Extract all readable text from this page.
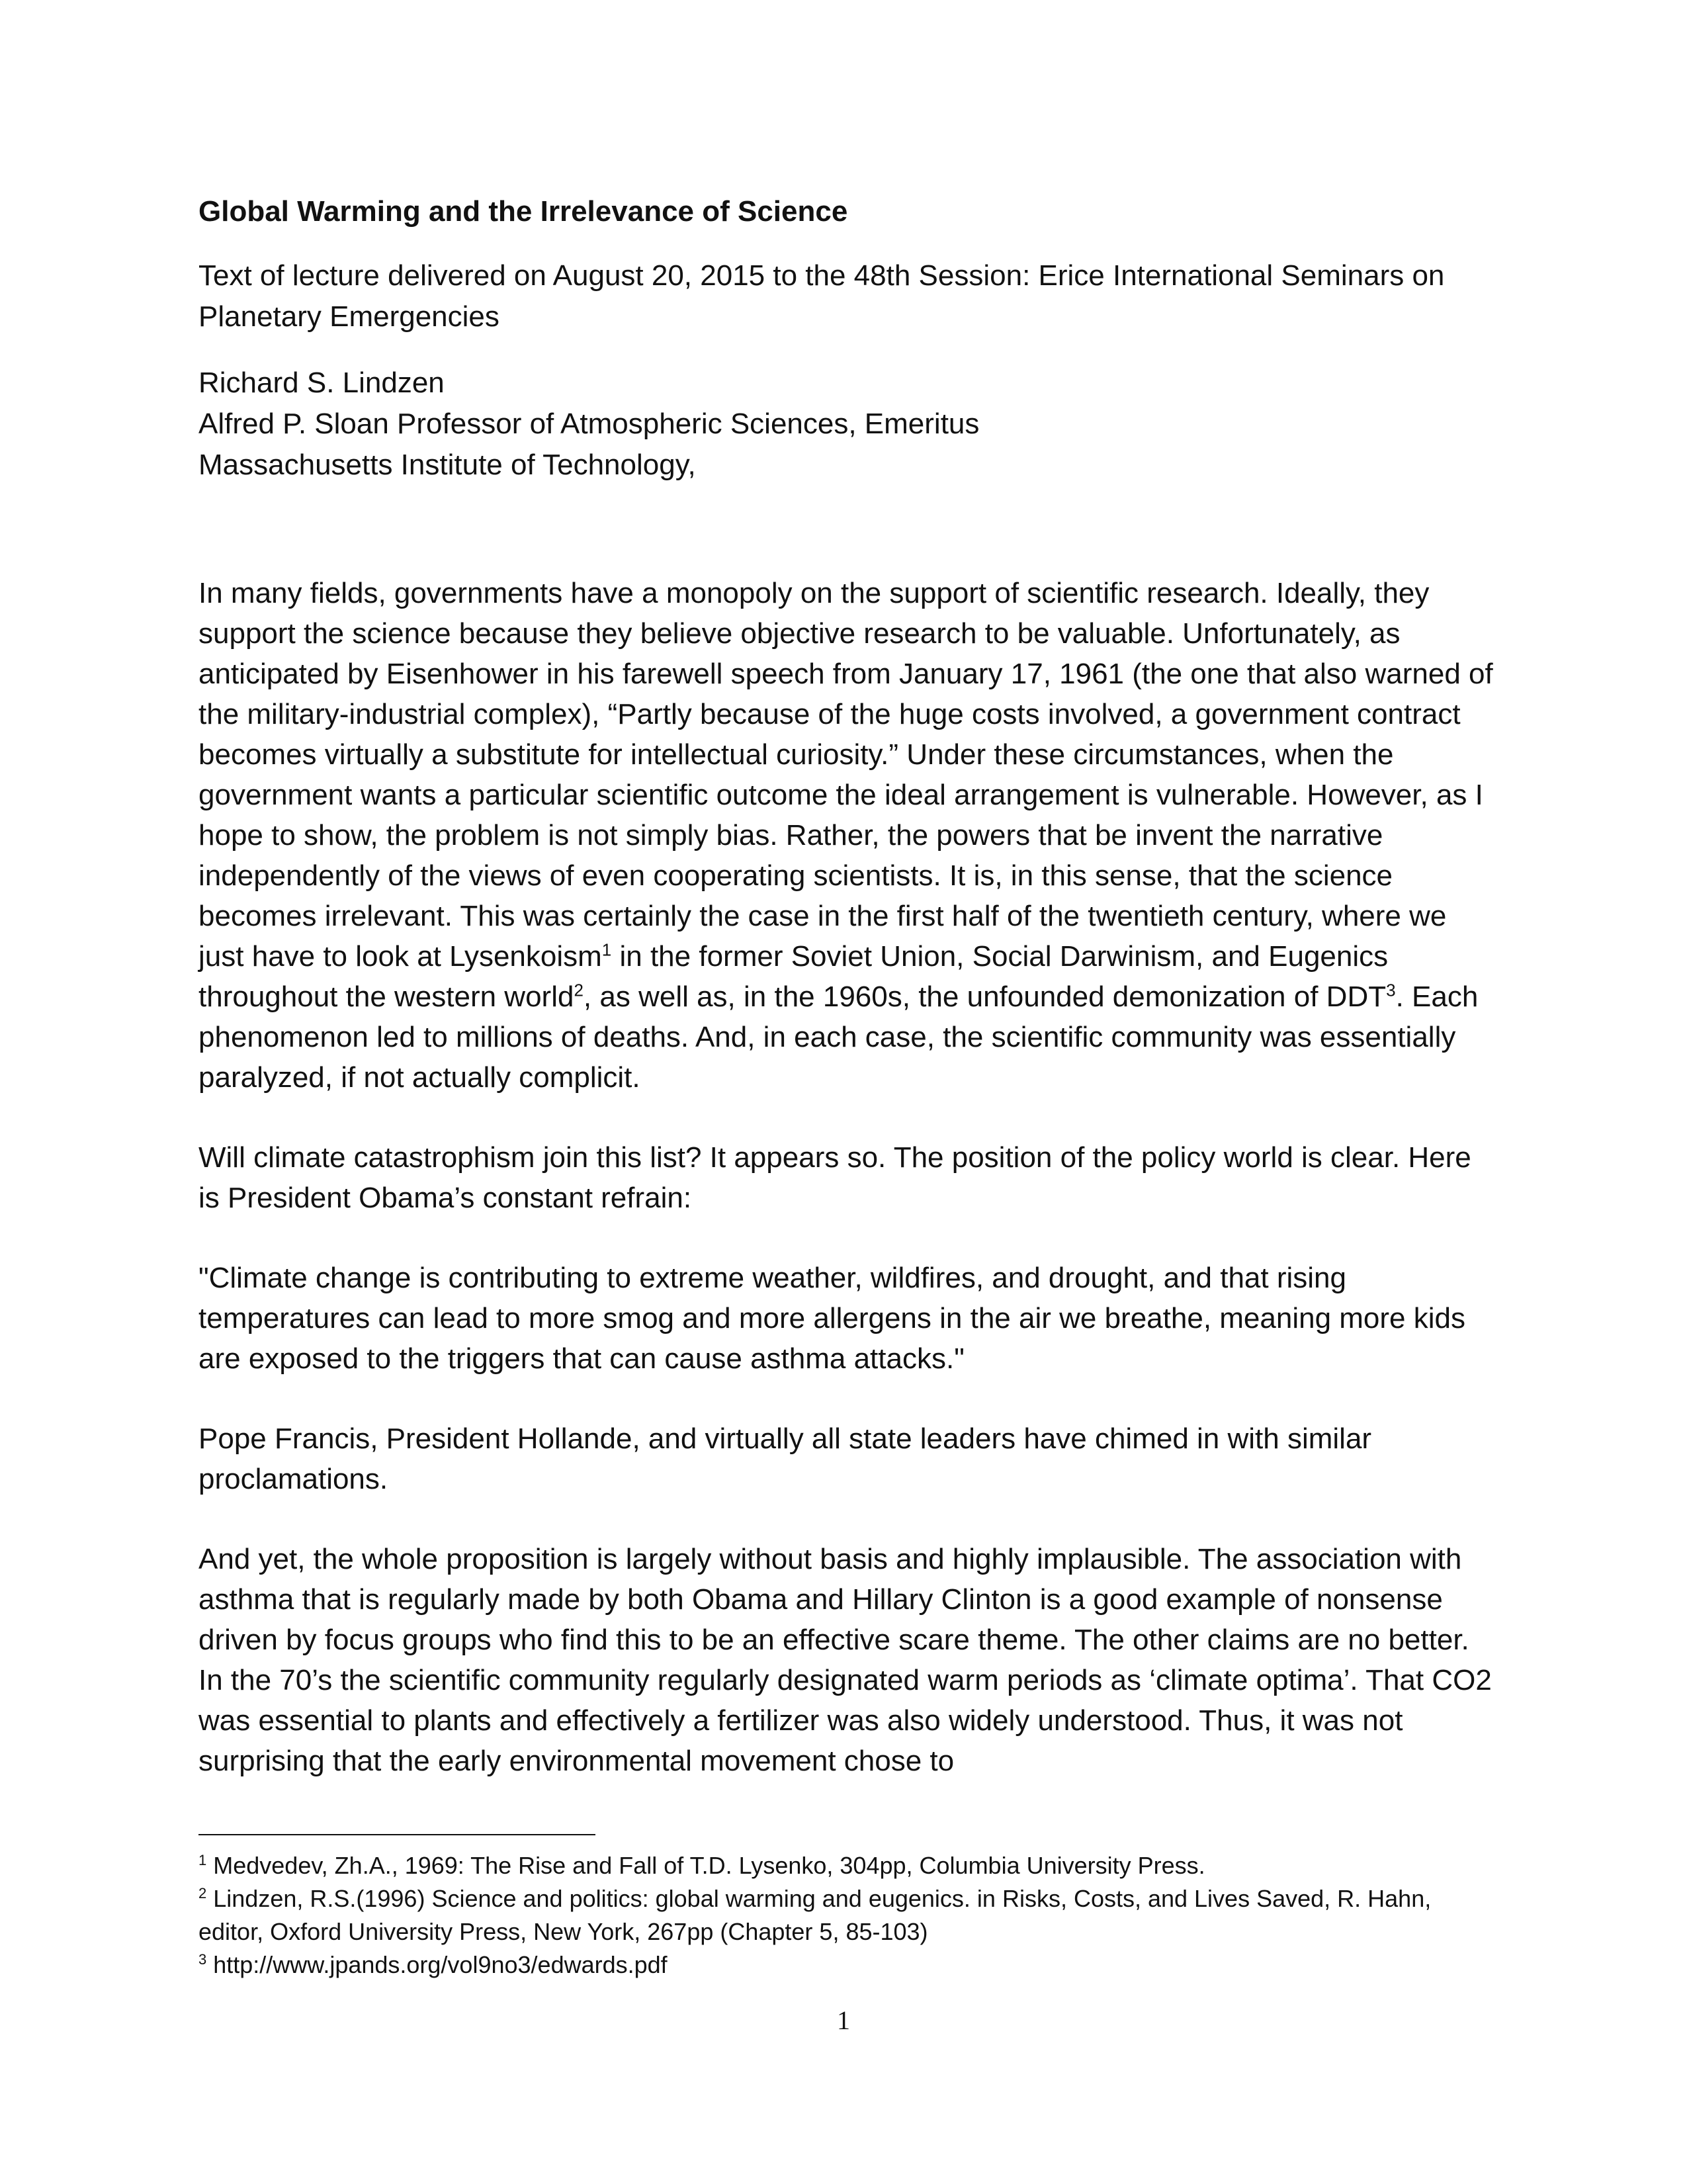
Global Warming and the Irrelevance of Science

Text of lecture delivered on August 20, 2015 to the 48th Session: Erice International Seminars on Planetary Emergencies

Richard S. Lindzen
Alfred P. Sloan Professor of Atmospheric Sciences, Emeritus
Massachusetts Institute of Technology,

In many fields, governments have a monopoly on the support of scientific research. Ideally, they support the science because they believe objective research to be valuable. Unfortunately, as anticipated by Eisenhower in his farewell speech from January 17, 1961 (the one that also warned of the military-industrial complex), “Partly because of the huge costs involved, a government contract becomes virtually a substitute for intellectual curiosity.” Under these circumstances, when the government wants a particular scientific outcome the ideal arrangement is vulnerable. However, as I hope to show, the problem is not simply bias. Rather, the powers that be invent the narrative independently of the views of even cooperating scientists. It is, in this sense, that the science becomes irrelevant. This was certainly the case in the first half of the twentieth century, where we just have to look at Lysenkoism$^1$ in the former Soviet Union, Social Darwinism, and Eugenics throughout the western world$^2$, as well as, in the 1960s, the unfounded demonization of DDT$^3$. Each phenomenon led to millions of deaths. And, in each case, the scientific community was essentially paralyzed, if not actually complicit.

Will climate catastrophism join this list? It appears so. The position of the policy world is clear. Here is President Obama’s constant refrain:

"Climate change is contributing to extreme weather, wildfires, and drought, and that rising temperatures can lead to more smog and more allergens in the air we breathe, meaning more kids are exposed to the triggers that can cause asthma attacks."

Pope Francis, President Hollande, and virtually all state leaders have chimed in with similar proclamations.

And yet, the whole proposition is largely without basis and highly implausible. The association with asthma that is regularly made by both Obama and Hillary Clinton is a good example of nonsense driven by focus groups who find this to be an effective scare theme. The other claims are no better. In the 70’s the scientific community regularly designated warm periods as ‘climate optima’. That CO2 was essential to plants and effectively a fertilizer was also widely understood. Thus, it was not surprising that the early environmental movement chose to

$^1$ Medvedev, Zh.A., 1969: The Rise and Fall of T.D. Lysenko, 304pp, Columbia University Press.

$^2$ Lindzen, R.S.(1996) Science and politics: global warming and eugenics. in Risks, Costs, and Lives Saved, R. Hahn, editor, Oxford University Press, New York, 267pp (Chapter 5, 85-103)

$^3$ http://www.jpands.org/vol9no3/edwards.pdf

1
